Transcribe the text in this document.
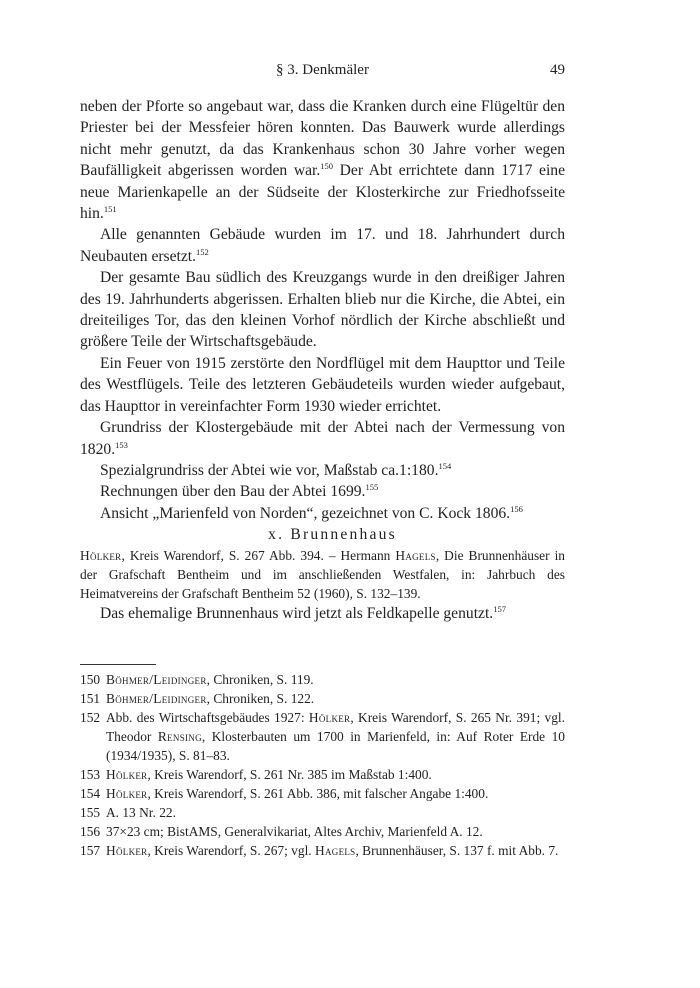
§ 3. Denkmäler	49

neben der Pforte so angebaut war, dass die Kranken durch eine Flügeltür den Priester bei der Messfeier hören konnten. Das Bauwerk wurde allerdings nicht mehr genutzt, da das Krankenhaus schon 30 Jahre vorher wegen Baufälligkeit abgerissen worden war.$^{150}$ Der Abt errichtete dann 1717 eine neue Marienkapelle an der Südseite der Klosterkirche zur Friedhofsseite hin.$^{151}$

Alle genannten Gebäude wurden im 17. und 18. Jahrhundert durch Neubauten ersetzt.$^{152}$

Der gesamte Bau südlich des Kreuzgangs wurde in den dreißiger Jahren des 19. Jahrhunderts abgerissen. Erhalten blieb nur die Kirche, die Abtei, ein dreiteiliges Tor, das den kleinen Vorhof nördlich der Kirche abschließt und größere Teile der Wirtschaftsgebäude.

Ein Feuer von 1915 zerstörte den Nordflügel mit dem Haupttor und Teile des Westflügels. Teile des letzteren Gebäudeteils wurden wieder aufgebaut, das Haupttor in vereinfachter Form 1930 wieder errichtet.

Grundriss der Klostergebäude mit der Abtei nach der Vermessung von 1820.$^{153}$

Spezialgrundriss der Abtei wie vor, Maßstab ca.1:180.$^{154}$

Rechnungen über den Bau der Abtei 1699.$^{155}$

Ansicht „Marienfeld von Norden“, gezeichnet von C. Kock 1806.$^{156}$

x. Brunnenhaus

Hölker, Kreis Warendorf, S. 267 Abb. 394. – Hermann Hagels, Die Brunnenhäuser in der Grafschaft Bentheim und im anschließenden Westfalen, in: Jahrbuch des Heimatvereins der Grafschaft Bentheim 52 (1960), S. 132–139.

Das ehemalige Brunnenhaus wird jetzt als Feldkapelle genutzt.$^{157}$

150 Böhmer/Leidinger, Chroniken, S. 119.
151 Böhmer/Leidinger, Chroniken, S. 122.
152 Abb. des Wirtschaftsgebäudes 1927: Hölker, Kreis Warendorf, S. 265 Nr. 391; vgl. Theodor Rensing, Klosterbauten um 1700 in Marienfeld, in: Auf Roter Erde 10 (1934/1935), S. 81–83.
153 Hölker, Kreis Warendorf, S. 261 Nr. 385 im Maßstab 1:400.
154 Hölker, Kreis Warendorf, S. 261 Abb. 386, mit falscher Angabe 1:400.
155 A. 13 Nr. 22.
156 37×23 cm; BistAMS, Generalvikariat, Altes Archiv, Marienfeld A. 12.
157 Hölker, Kreis Warendorf, S. 267; vgl. Hagels, Brunnenhäuser, S. 137 f. mit Abb. 7.
